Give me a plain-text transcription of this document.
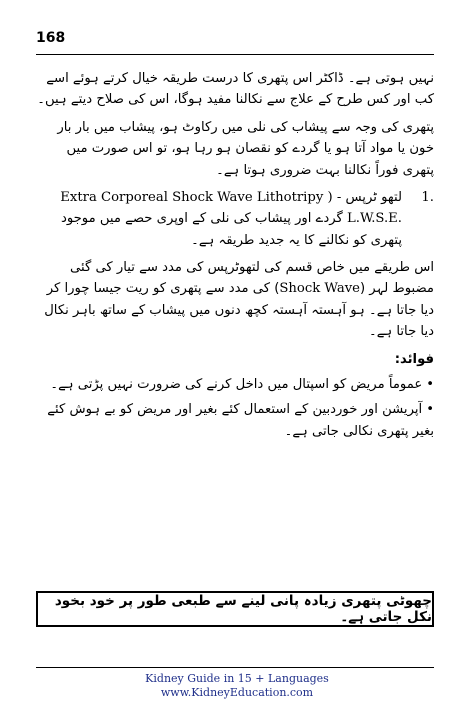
168

نہیں ہوتی ہے۔ ڈاکٹر اس پتھری کا درست طریقہ خیال کرتے ہوئے اسے کب اور کس طرح کے علاج سے نکالنا مفید ہوگا، اس کی صلاح دیتے ہیں۔

پتھری کی وجہ سے پیشاب کی نلی میں رکاوٹ ہو، پیشاب میں بار بار خون یا مواد آتا ہو یا گردے کو نقصان ہو رہا ہو، تو اس صورت میں پتھری فوراً نکالنا بہت ضروری ہوتا ہے۔

1.
لتھو ٹرپس Extra Corporeal Shock Wave Lithotripy ) - L.W.S.E. گردے اور پیشاب کی نلی کے اوپری حصے میں موجود پتھری کو نکالنے کا یہ جدید طریقہ ہے۔

اس طریقے میں خاص قسم کی لتھوٹرپس کی مدد سے تیار کی گئی مضبوط لہر (Shock Wave) کی مدد سے پتھری کو ریت جیسا چورا کر دیا جاتا ہے۔ ہو آہستہ آہستہ کچھ دنوں میں پیشاب کے ساتھ باہر نکال دیا جاتا ہے۔

فوائد:

• عموماً مریض کو اسپتال میں داخل کرنے کی ضرورت نہیں پڑتی ہے۔

• آپریشن اور خوردبین کے استعمال کئے بغیر اور مریض کو بے ہوش کئے بغیر پتھری نکالی جاتی ہے۔

چھوٹی پتھری زیادہ پانی لینے سے طبعی طور پر خود بخود نکل جاتی ہے۔
Kidney Guide in 15 + Languages
www.KidneyEducation.com
